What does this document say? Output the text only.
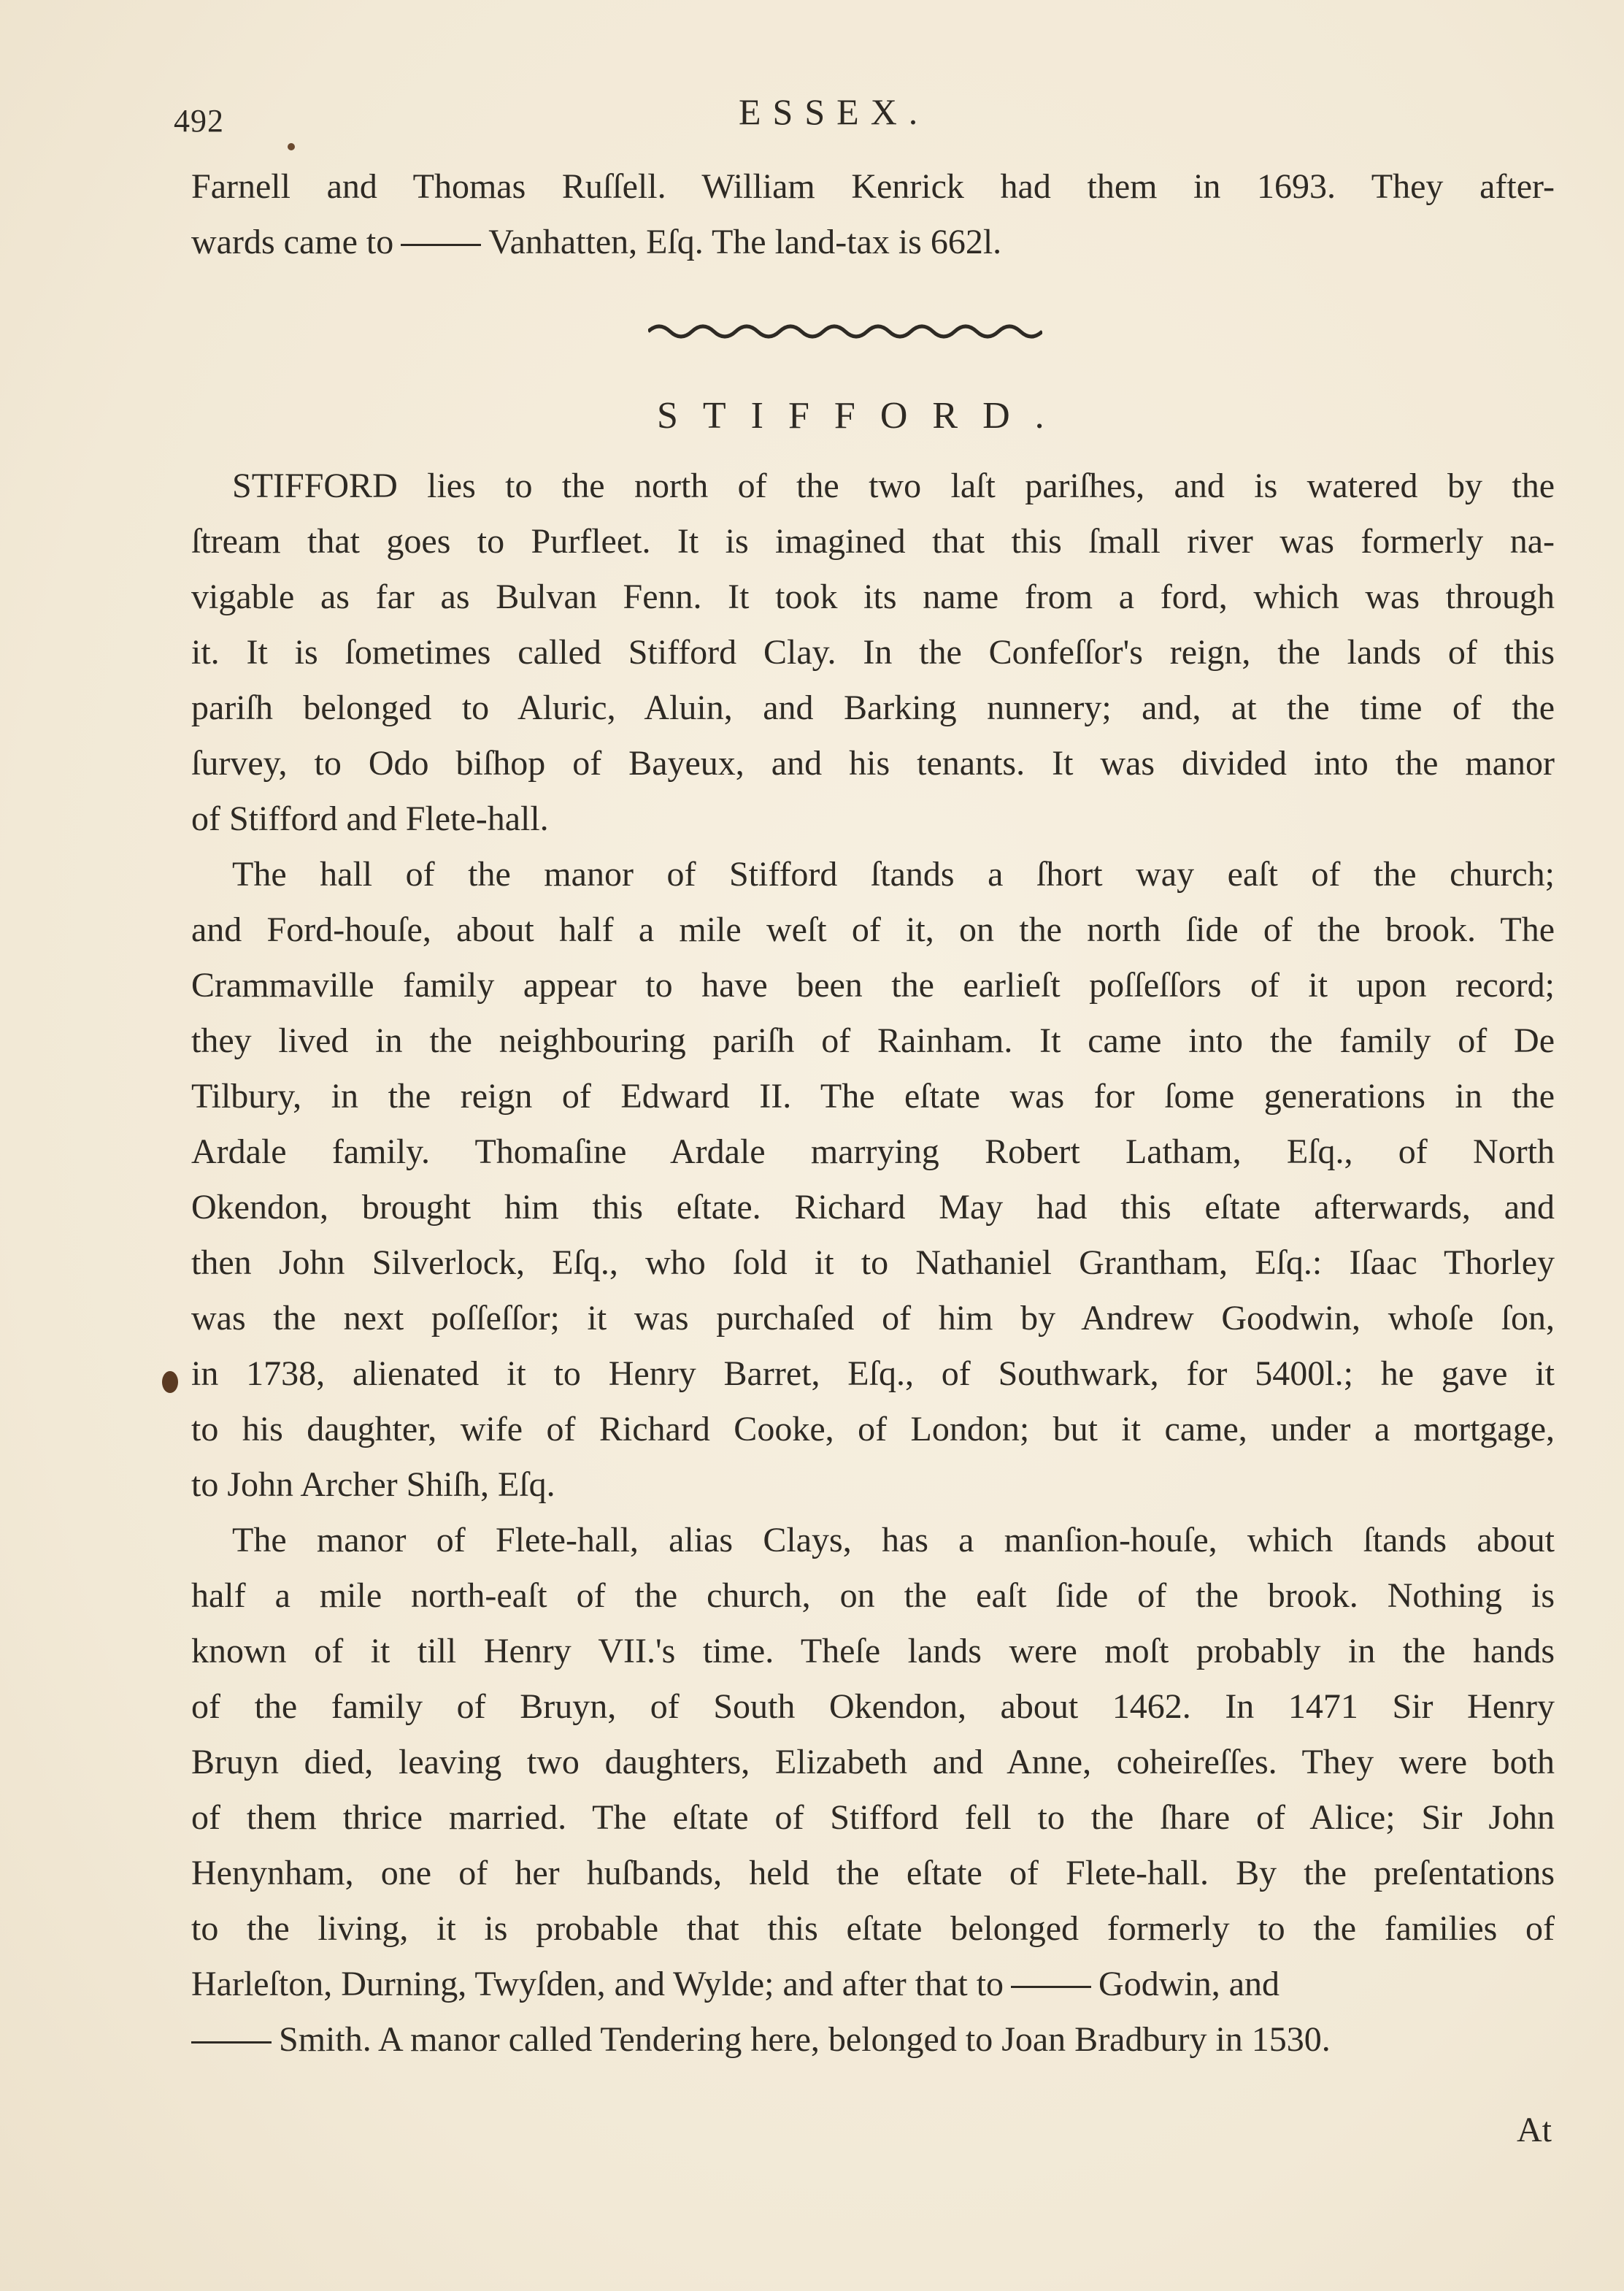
492	ESSEX.
Farnell and Thomas Ruſſell. William Kenrick had them in 1693. They after-
wards came to	Vanhatten, Eſq. The land-tax is 662l.
STIFFORD.
STIFFORD lies to the north of the two laſt pariſhes, and is watered by the
ſtream that goes to Purfleet. It is imagined that this ſmall river was formerly na-
vigable as far as Bulvan Fenn. It took its name from a ford, which was through
it. It is ſometimes called Stifford Clay. In the Confeſſor's reign, the lands of this
pariſh belonged to Aluric, Aluin, and Barking nunnery; and, at the time of the
ſurvey, to Odo biſhop of Bayeux, and his tenants. It was divided into the manor
of Stifford and Flete-hall.
The hall of the manor of Stifford ſtands a ſhort way eaſt of the church;
and Ford-houſe, about half a mile weſt of it, on the north ſide of the brook. The
Crammaville family appear to have been the earlieſt poſſeſſors of it upon record;
they lived in the neighbouring pariſh of Rainham. It came into the family of De
Tilbury, in the reign of Edward II. The eſtate was for ſome generations in the
Ardale family. Thomaſine Ardale marrying Robert Latham, Eſq., of North
Okendon, brought him this eſtate. Richard May had this eſtate afterwards, and
then John Silverlock, Eſq., who ſold it to Nathaniel Grantham, Eſq.: Iſaac Thorley
was the next poſſeſſor; it was purchaſed of him by Andrew Goodwin, whoſe ſon,
in 1738, alienated it to Henry Barret, Eſq., of Southwark, for 5400l.; he gave it
to his daughter, wife of Richard Cooke, of London; but it came, under a mortgage,
to John Archer Shiſh, Eſq.
The manor of Flete-hall, alias Clays, has a manſion-houſe, which ſtands about
half a mile north-eaſt of the church, on the eaſt ſide of the brook. Nothing is
known of it till Henry VII.'s time. Theſe lands were moſt probably in the hands
of the family of Bruyn, of South Okendon, about 1462. In 1471 Sir Henry
Bruyn died, leaving two daughters, Elizabeth and Anne, coheireſſes. They were both
of them thrice married. The eſtate of Stifford fell to the ſhare of Alice; Sir John
Henynham, one of her huſbands, held the eſtate of Flete-hall. By the preſentations
to the living, it is probable that this eſtate belonged formerly to the families of
Harleſton, Durning, Twyſden, and Wylde; and after that to	Godwin, and
Smith. A manor called Tendering here, belonged to Joan Bradbury in 1530.
At
